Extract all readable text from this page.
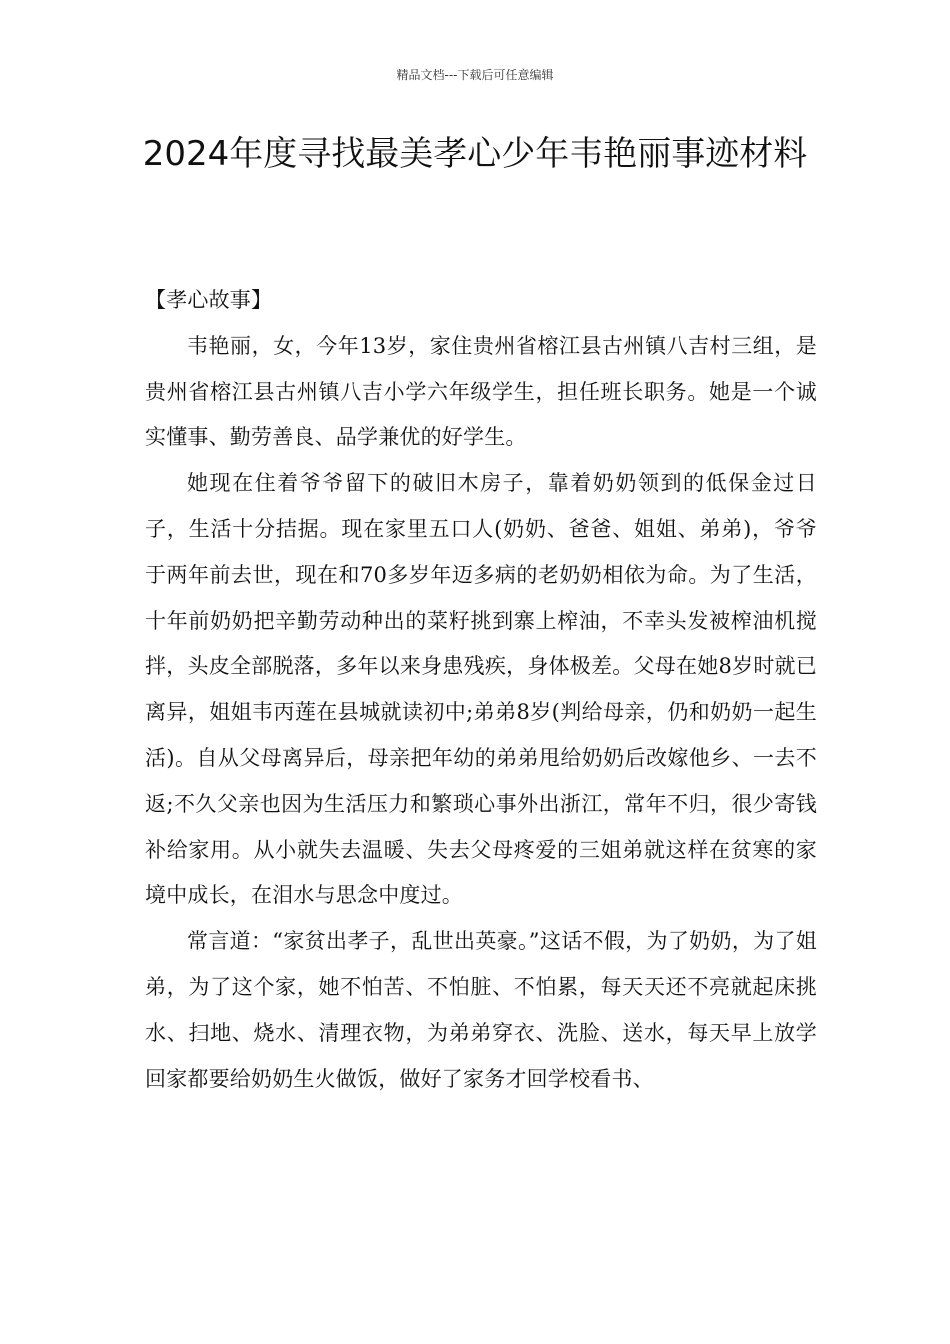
精品文档---下载后可任意编辑
2024年度寻找最美孝心少年韦艳丽事迹材料

【孝心故事】

韦艳丽，女，今年13岁，家住贵州省榕江县古州镇八吉村三组，是贵州省榕江县古州镇八吉小学六年级学生，担任班长职务。她是一个诚实懂事、勤劳善良、品学兼优的好学生。

她现在住着爷爷留下的破旧木房子，靠着奶奶领到的低保金过日子，生活十分拮据。现在家里五口人(奶奶、爸爸、姐姐、弟弟)，爷爷于两年前去世，现在和70多岁年迈多病的老奶奶相依为命。为了生活，十年前奶奶把辛勤劳动种出的菜籽挑到寨上榨油，不幸头发被榨油机搅拌，头皮全部脱落，多年以来身患残疾，身体极差。父母在她8岁时就已离异，姐姐韦丙莲在县城就读初中;弟弟8岁(判给母亲，仍和奶奶一起生活)。自从父母离异后，母亲把年幼的弟弟甩给奶奶后改嫁他乡、一去不返;不久父亲也因为生活压力和繁琐心事外出浙江，常年不归，很少寄钱补给家用。从小就失去温暖、失去父母疼爱的三姐弟就这样在贫寒的家境中成长，在泪水与思念中度过。

常言道：“家贫出孝子，乱世出英豪。”这话不假，为了奶奶，为了姐弟，为了这个家，她不怕苦、不怕脏、不怕累，每天天还不亮就起床挑水、扫地、烧水、清理衣物，为弟弟穿衣、洗脸、送水，每天早上放学回家都要给奶奶生火做饭，做好了家务才回学校看书、
